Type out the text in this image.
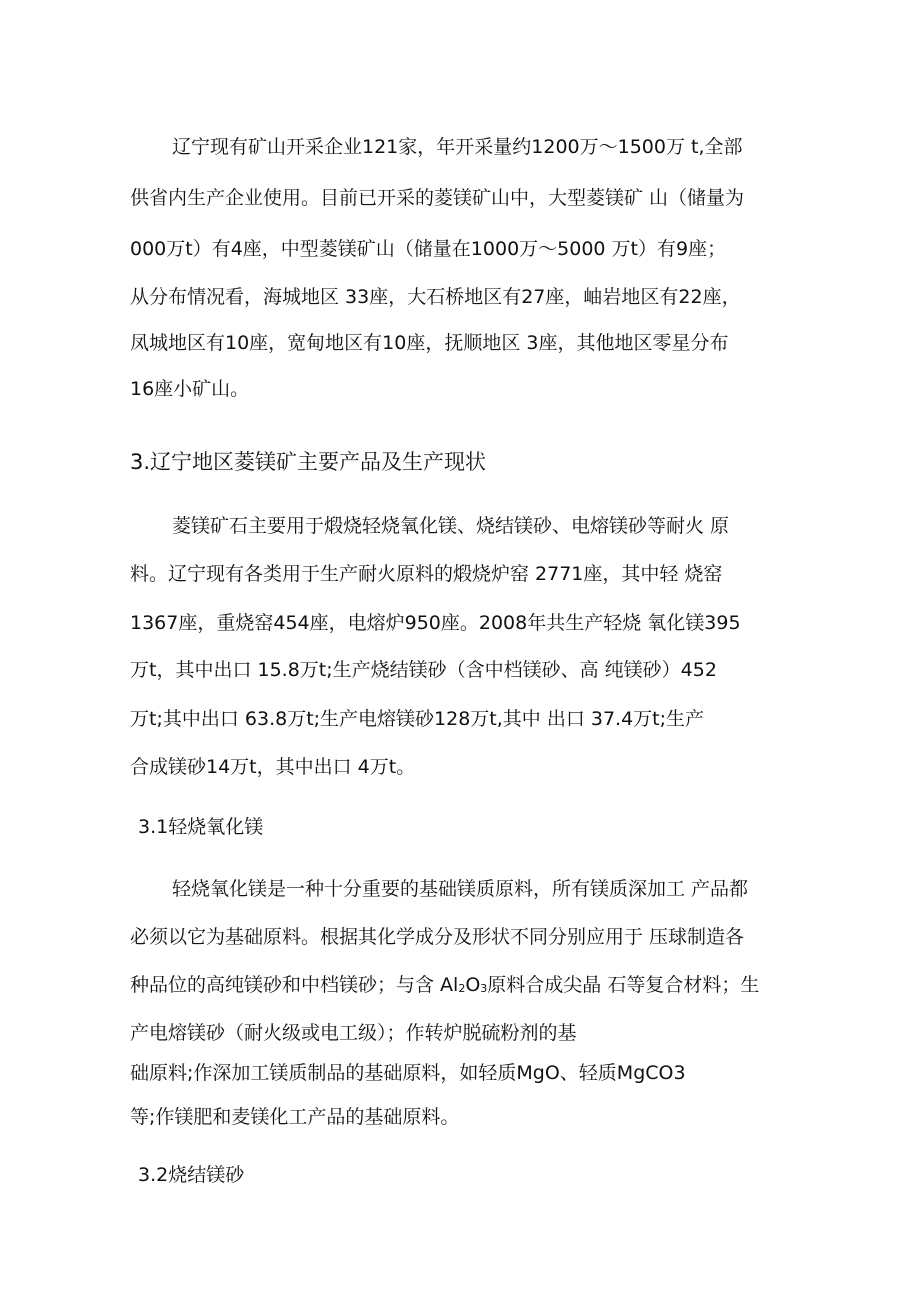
辽宁现有矿山开采企业121家，年开采量约1200万～1500万 t,全部
供省内生产企业使用。目前已开采的菱镁矿山中，大型菱镁矿 山（储量为
000万t）有4座，中型菱镁矿山（储量在1000万～5000 万t）有9座；
从分布情况看，海城地区 33座，大石桥地区有27座，岫岩地区有22座，
凤城地区有10座，宽甸地区有10座，抚顺地区 3座，其他地区零星分布
16座小矿山。
3.辽宁地区菱镁矿主要产品及生产现状
菱镁矿石主要用于煅烧轻烧氧化镁、烧结镁砂、电熔镁砂等耐火 原
料。辽宁现有各类用于生产耐火原料的煅烧炉窑 2771座，其中轻 烧窑
1367座，重烧窑454座，电熔炉950座。2008年共生产轻烧 氧化镁395
万t，其中出口 15.8万t;生产烧结镁砂（含中档镁砂、高 纯镁砂）452
万t;其中出口 63.8万t;生产电熔镁砂128万t,其中 出口 37.4万t;生产
合成镁砂14万t，其中出口 4万t。
3.1轻烧氧化镁
轻烧氧化镁是一种十分重要的基础镁质原料，所有镁质深加工 产品都
必须以它为基础原料。根据其化学成分及形状不同分别应用于 压球制造各
种品位的高纯镁砂和中档镁砂；与含 $Al_2O_3$原料合成尖晶 石等复合材料；生
产电熔镁砂（耐火级或电工级）；作转炉脱硫粉剂的基
础原料;作深加工镁质制品的基础原料，如轻质MgO、轻质MgCO3
等;作镁肥和麦镁化工产品的基础原料。
3.2烧结镁砂
